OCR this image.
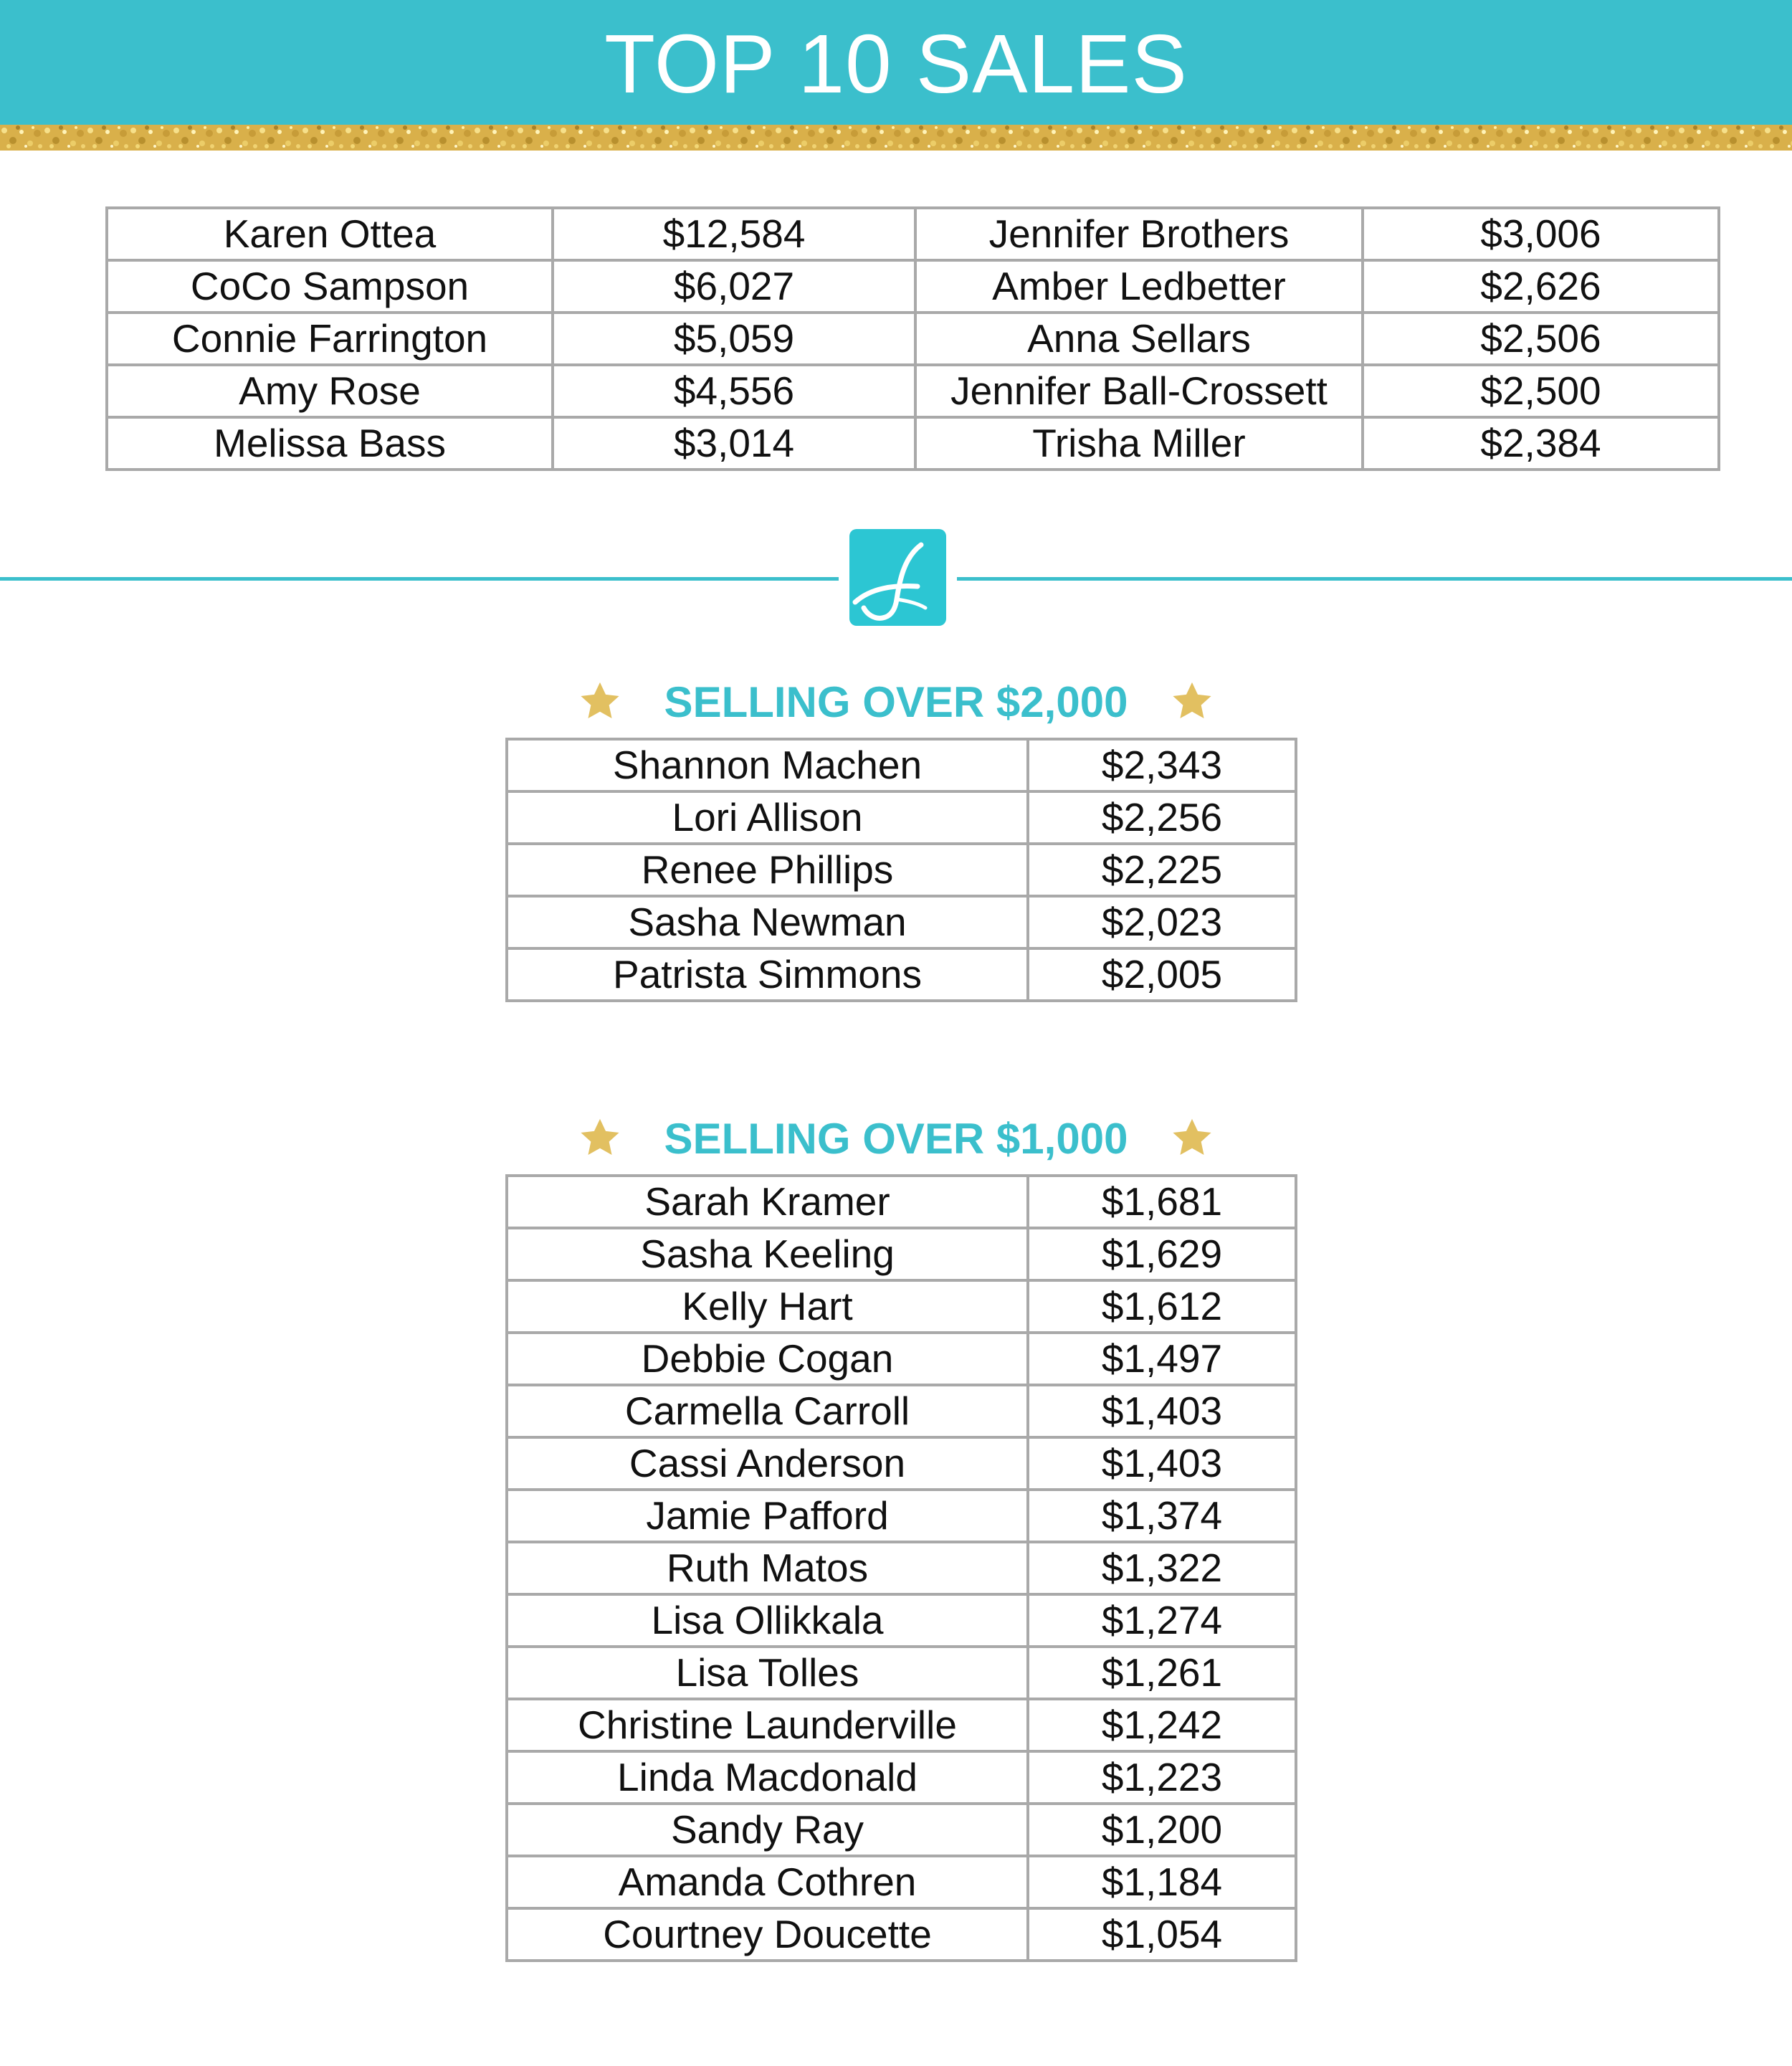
TOP 10 SALES
Karen Ottea	$12,584	Jennifer Brothers	$3,006
CoCo Sampson	$6,027	Amber Ledbetter	$2,626
Connie Farrington	$5,059	Anna Sellars	$2,506
Amy Rose	$4,556	Jennifer Ball-Crossett	$2,500
Melissa Bass	$3,014	Trisha Miller	$2,384
SELLING OVER $2,000
Shannon Machen	$2,343
Lori Allison	$2,256
Renee Phillips	$2,225
Sasha Newman	$2,023
Patrista Simmons	$2,005
SELLING OVER $1,000
Sarah Kramer	$1,681
Sasha Keeling	$1,629
Kelly Hart	$1,612
Debbie Cogan	$1,497
Carmella Carroll	$1,403
Cassi Anderson	$1,403
Jamie Pafford	$1,374
Ruth Matos	$1,322
Lisa Ollikkala	$1,274
Lisa Tolles	$1,261
Christine Launderville	$1,242
Linda Macdonald	$1,223
Sandy Ray	$1,200
Amanda Cothren	$1,184
Courtney Doucette	$1,054
